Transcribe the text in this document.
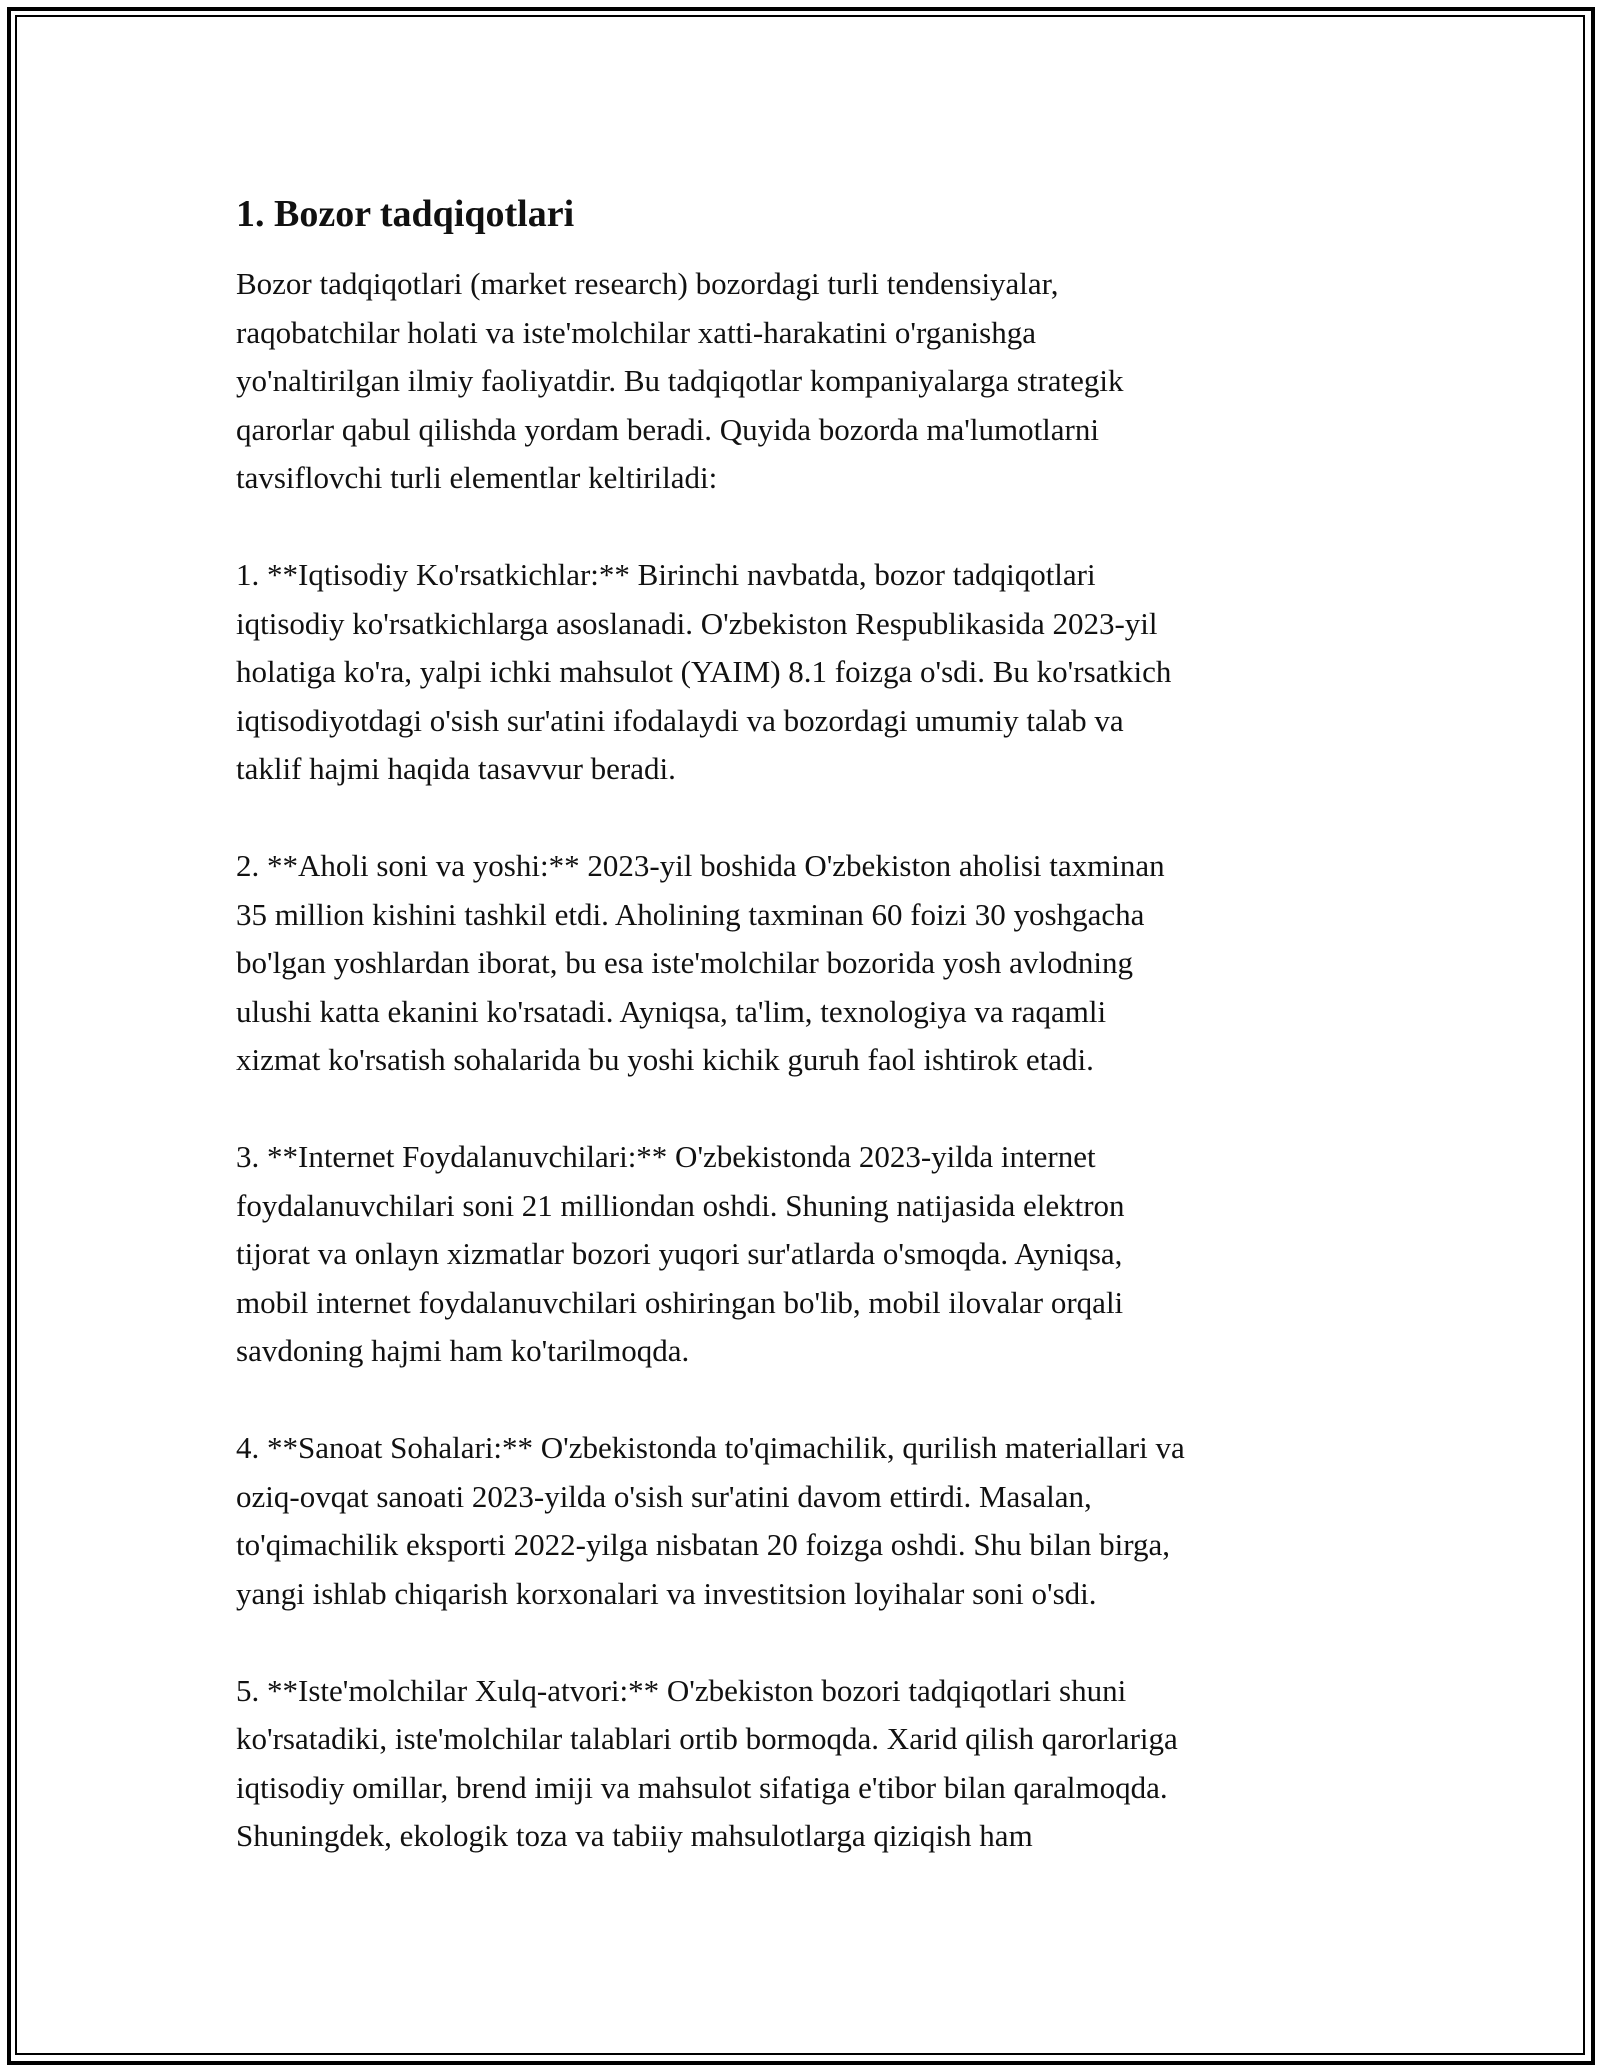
1. Bozor tadqiqotlari
Bozor tadqiqotlari (market research) bozordagi turli tendensiyalar,
raqobatchilar holati va iste'molchilar xatti-harakatini o'rganishga
yo'naltirilgan ilmiy faoliyatdir. Bu tadqiqotlar kompaniyalarga strategik
qarorlar qabul qilishda yordam beradi. Quyida bozorda ma'lumotlarni
tavsiflovchi turli elementlar keltiriladi:
1. **Iqtisodiy Ko'rsatkichlar:** Birinchi navbatda, bozor tadqiqotlari
iqtisodiy ko'rsatkichlarga asoslanadi. O'zbekiston Respublikasida 2023-yil
holatiga ko'ra, yalpi ichki mahsulot (YAIM) 8.1 foizga o'sdi. Bu ko'rsatkich
iqtisodiyotdagi o'sish sur'atini ifodalaydi va bozordagi umumiy talab va
taklif hajmi haqida tasavvur beradi.
2. **Aholi soni va yoshi:** 2023-yil boshida O'zbekiston aholisi taxminan
35 million kishini tashkil etdi. Aholining taxminan 60 foizi 30 yoshgacha
bo'lgan yoshlardan iborat, bu esa iste'molchilar bozorida yosh avlodning
ulushi katta ekanini ko'rsatadi. Ayniqsa, ta'lim, texnologiya va raqamli
xizmat ko'rsatish sohalarida bu yoshi kichik guruh faol ishtirok etadi.
3. **Internet Foydalanuvchilari:** O'zbekistonda 2023-yilda internet
foydalanuvchilari soni 21 milliondan oshdi. Shuning natijasida elektron
tijorat va onlayn xizmatlar bozori yuqori sur'atlarda o'smoqda. Ayniqsa,
mobil internet foydalanuvchilari oshiringan bo'lib, mobil ilovalar orqali
savdoning hajmi ham ko'tarilmoqda.
4. **Sanoat Sohalari:** O'zbekistonda to'qimachilik, qurilish materiallari va
oziq-ovqat sanoati 2023-yilda o'sish sur'atini davom ettirdi. Masalan,
to'qimachilik eksporti 2022-yilga nisbatan 20 foizga oshdi. Shu bilan birga,
yangi ishlab chiqarish korxonalari va investitsion loyihalar soni o'sdi.
5. **Iste'molchilar Xulq-atvori:** O'zbekiston bozori tadqiqotlari shuni
ko'rsatadiki, iste'molchilar talablari ortib bormoqda. Xarid qilish qarorlariga
iqtisodiy omillar, brend imiji va mahsulot sifatiga e'tibor bilan qaralmoqda.
Shuningdek, ekologik toza va tabiiy mahsulotlarga qiziqish ham
